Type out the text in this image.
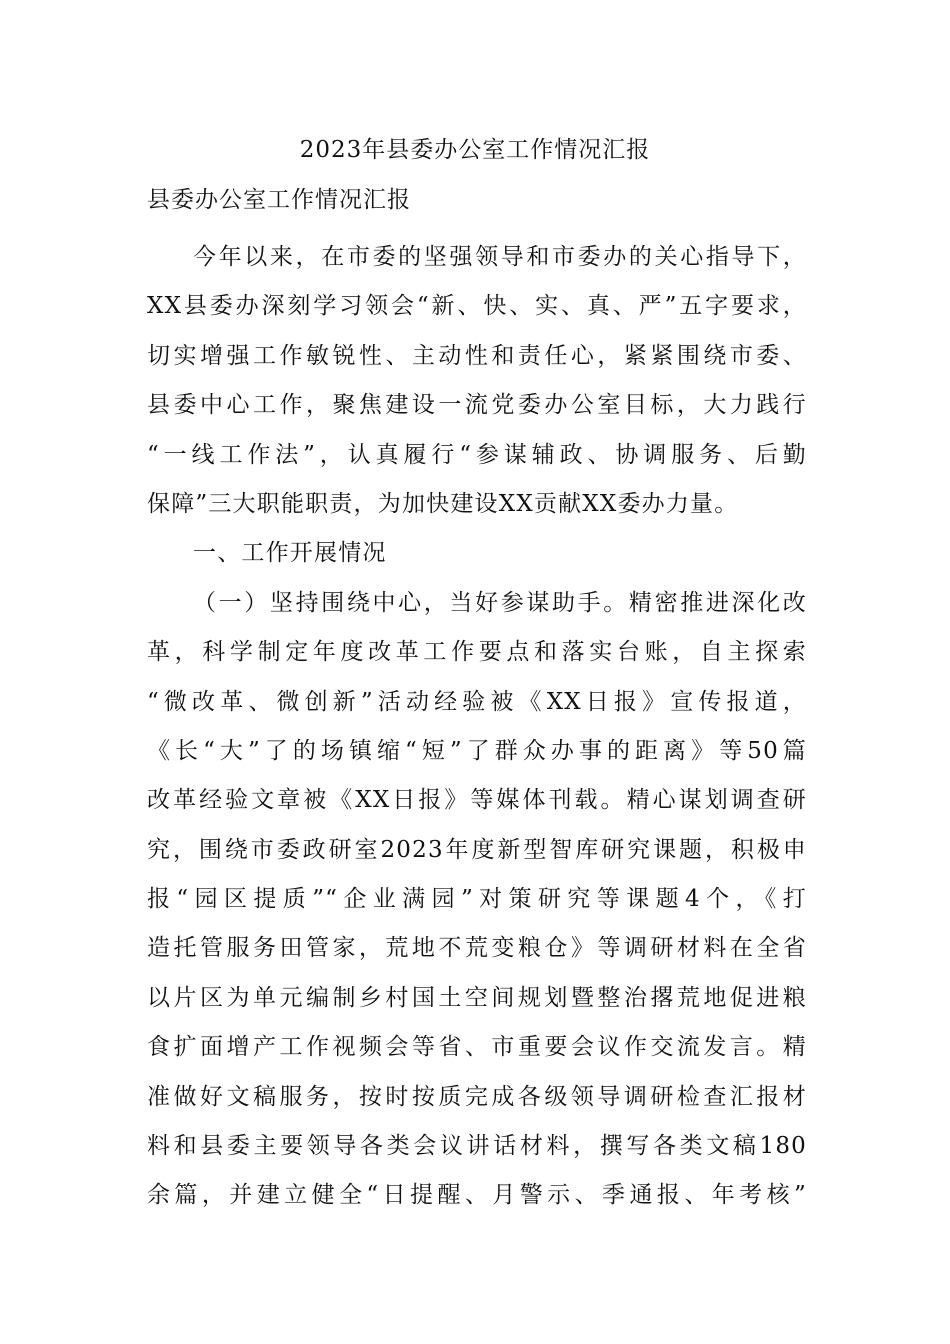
2023年县委办公室工作情况汇报

县委办公室工作情况汇报

今年以来，在市委的坚强领导和市委办的关心指导下，
XX县委办深刻学习领会“新、快、实、真、严”五字要求，
切实增强工作敏锐性、主动性和责任心，紧紧围绕市委、
县委中心工作，聚焦建设一流党委办公室目标，大力践行
“一线工作法”，认真履行“参谋辅政、协调服务、后勤
保障”三大职能职责，为加快建设XX贡献XX委办力量。
一、工作开展情况
（一）坚持围绕中心，当好参谋助手。精密推进深化改
革，科学制定年度改革工作要点和落实台账，自主探索
“微改革、微创新”活动经验被《XX日报》宣传报道，
《长“大”了的场镇缩“短”了群众办事的距离》等50篇
改革经验文章被《XX日报》等媒体刊载。精心谋划调查研
究，围绕市委政研室2023年度新型智库研究课题，积极申
报“园区提质”“企业满园”对策研究等课题4个，《打
造托管服务田管家，荒地不荒变粮仓》等调研材料在全省
以片区为单元编制乡村国土空间规划暨整治撂荒地促进粮
食扩面增产工作视频会等省、市重要会议作交流发言。精
准做好文稿服务，按时按质完成各级领导调研检查汇报材
料和县委主要领导各类会议讲话材料，撰写各类文稿180
余篇，并建立健全“日提醒、月警示、季通报、年考核”
